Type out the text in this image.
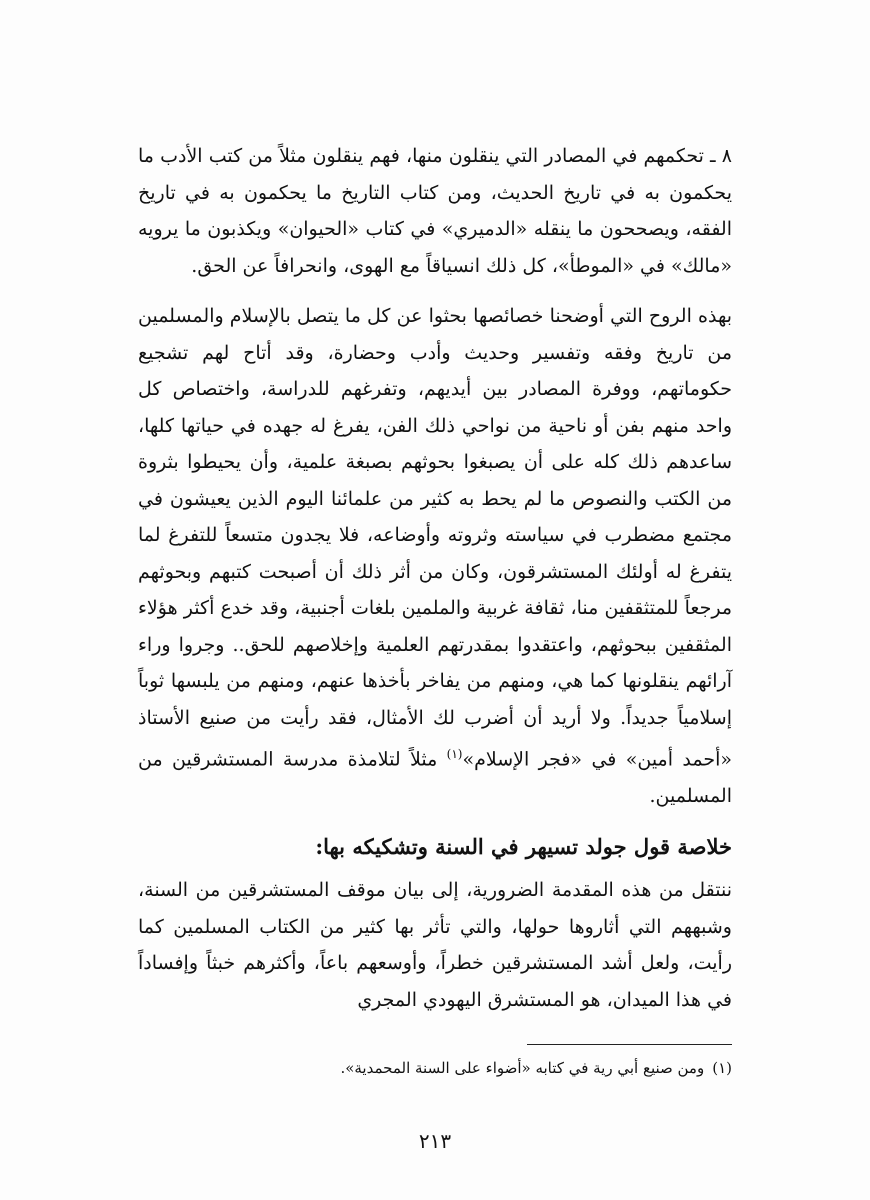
٨ ـ تحكمهم في المصادر التي ينقلون منها، فهم ينقلون مثلاً من كتب الأدب ما يحكمون به في تاريخ الحديث، ومن كتاب التاريخ ما يحكمون به في تاريخ الفقه، ويصححون ما ينقله «الدميري» في كتاب «الحيوان» ويكذبون ما يرويه «مالك» في «الموطأ»، كل ذلك انسياقاً مع الهوى، وانحرافاً عن الحق.

بهذه الروح التي أوضحنا خصائصها بحثوا عن كل ما يتصل بالإسلام والمسلمين من تاريخ وفقه وتفسير وحديث وأدب وحضارة، وقد أتاح لهم تشجيع حكوماتهم، ووفرة المصادر بين أيديهم، وتفرغهم للدراسة، واختصاص كل واحد منهم بفن أو ناحية من نواحي ذلك الفن، يفرغ له جهده في حياتها كلها، ساعدهم ذلك كله على أن يصبغوا بحوثهم بصبغة علمية، وأن يحيطوا بثروة من الكتب والنصوص ما لم يحط به كثير من علمائنا اليوم الذين يعيشون في مجتمع مضطرب في سياسته وثروته وأوضاعه، فلا يجدون متسعاً للتفرغ لما يتفرغ له أولئك المستشرقون، وكان من أثر ذلك أن أصبحت كتبهم وبحوثهم مرجعاً للمتثقفين منا، ثقافة غربية والملمين بلغات أجنبية، وقد خدع أكثر هؤلاء المثقفين ببحوثهم، واعتقدوا بمقدرتهم العلمية وإخلاصهم للحق.. وجروا وراء آرائهم ينقلونها كما هي، ومنهم من يفاخر بأخذها عنهم، ومنهم من يلبسها ثوباً إسلامياً جديداً. ولا أريد أن أضرب لك الأمثال، فقد رأيت من صنيع الأستاذ «أحمد أمين» في «فجر الإسلام»$^{(١)}$ مثلاً لتلامذة مدرسة المستشرقين من المسلمين.

خلاصة قول جولد تسيهر في السنة وتشكيكه بها:

ننتقل من هذه المقدمة الضرورية، إلى بيان موقف المستشرقين من السنة، وشبههم التي أثاروها حولها، والتي تأثر بها كثير من الكتاب المسلمين كما رأيت، ولعل أشد المستشرقين خطراً، وأوسعهم باعاً، وأكثرهم خبثاً وإفساداً في هذا الميدان، هو المستشرق اليهودي المجري

(١)ومن صنيع أبي رية في كتابه «أضواء على السنة المحمدية».

٢١٣
